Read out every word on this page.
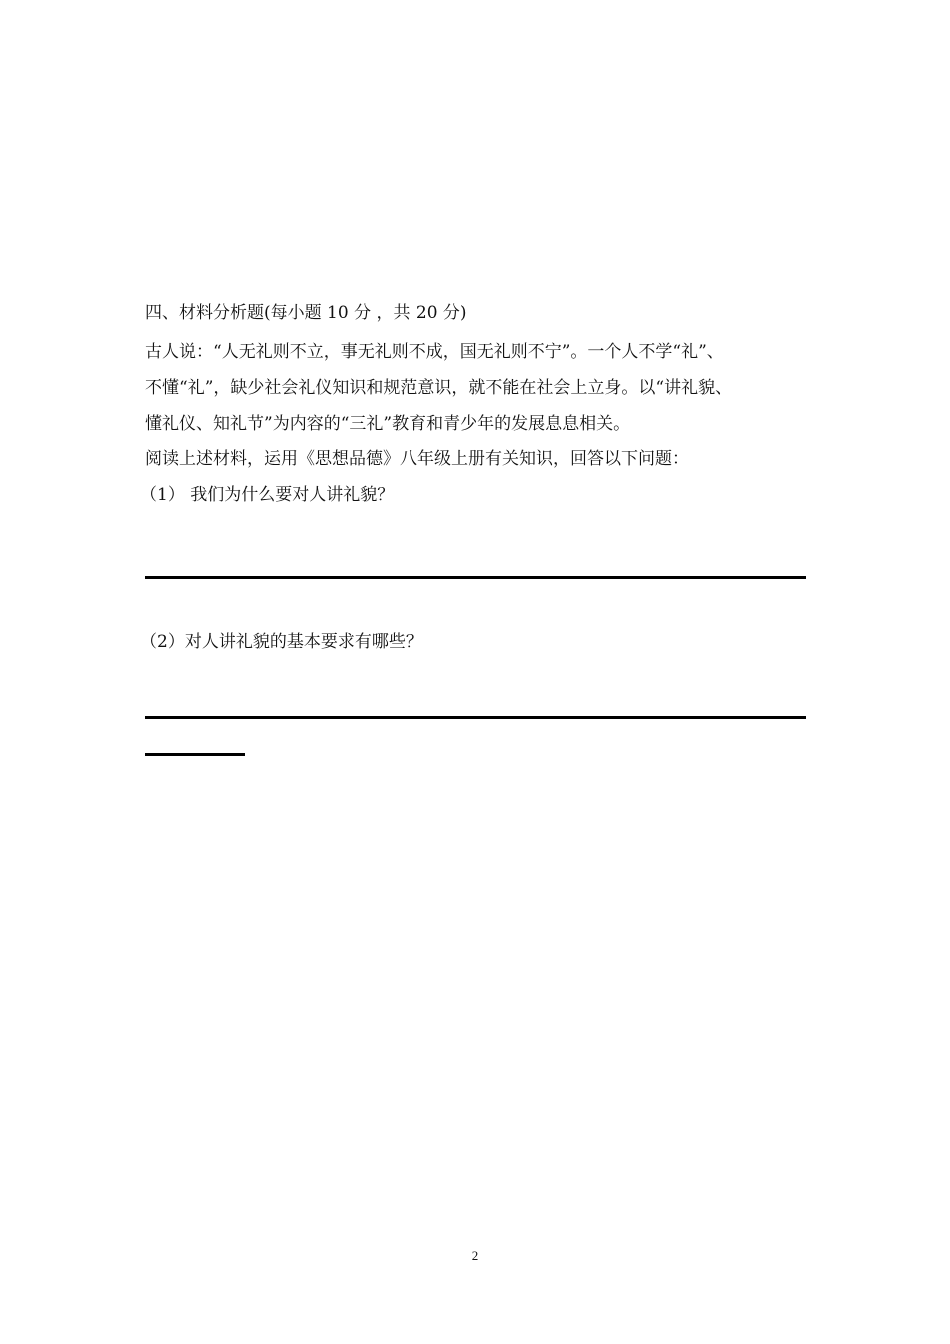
四、材料分析题(每小题 10 分 ，共 20 分)
古人说：“人无礼则不立，事无礼则不成，国无礼则不宁”。一个人不学“礼”、
不懂“礼”，缺少社会礼仪知识和规范意识，就不能在社会上立身。以“讲礼貌、
懂礼仪、知礼节”为内容的“三礼”教育和青少年的发展息息相关。
阅读上述材料，运用《思想品德》八年级上册有关知识，回答以下问题：
（1） 我们为什么要对人讲礼貌？
（2）对人讲礼貌的基本要求有哪些？
2
